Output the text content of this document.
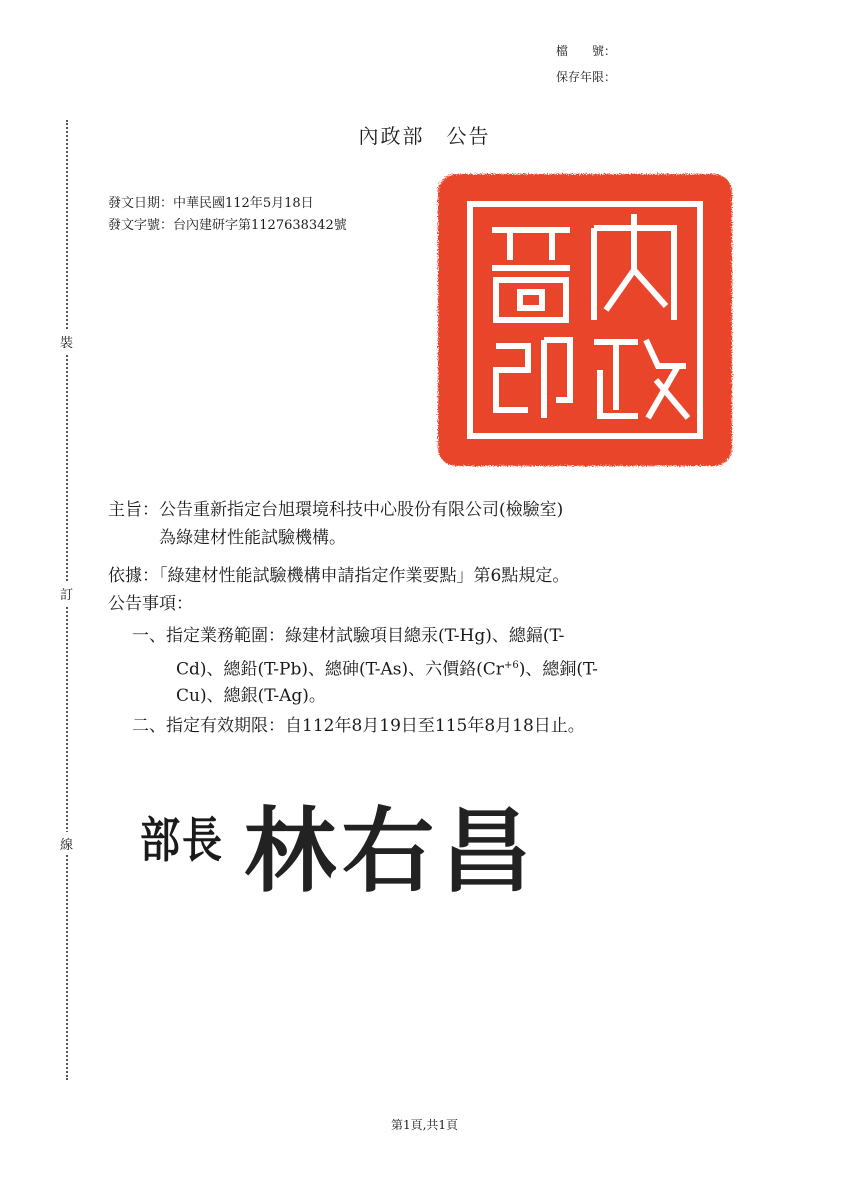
檔　　號：
保存年限：
裝
訂
線
內政部　公告
發文日期：中華民國112年5月18日
發文字號：台內建研字第1127638342號
主旨：公告重新指定台旭環境科技中心股份有限公司(檢驗室)
　　　為綠建材性能試驗機構。
依據：「綠建材性能試驗機構申請指定作業要點」第6點規定。
公告事項：
一、指定業務範圍：綠建材試驗項目總汞(T-Hg)、總鎘(T-
Cd)、總鉛(T-Pb)、總砷(T-As)、六價鉻$(Cr^{+6})$、總銅(T-
Cu)、總銀(T-Ag)。
二、指定有效期限：自112年8月19日至115年8月18日止。
部長 林右昌
第1頁,共1頁
